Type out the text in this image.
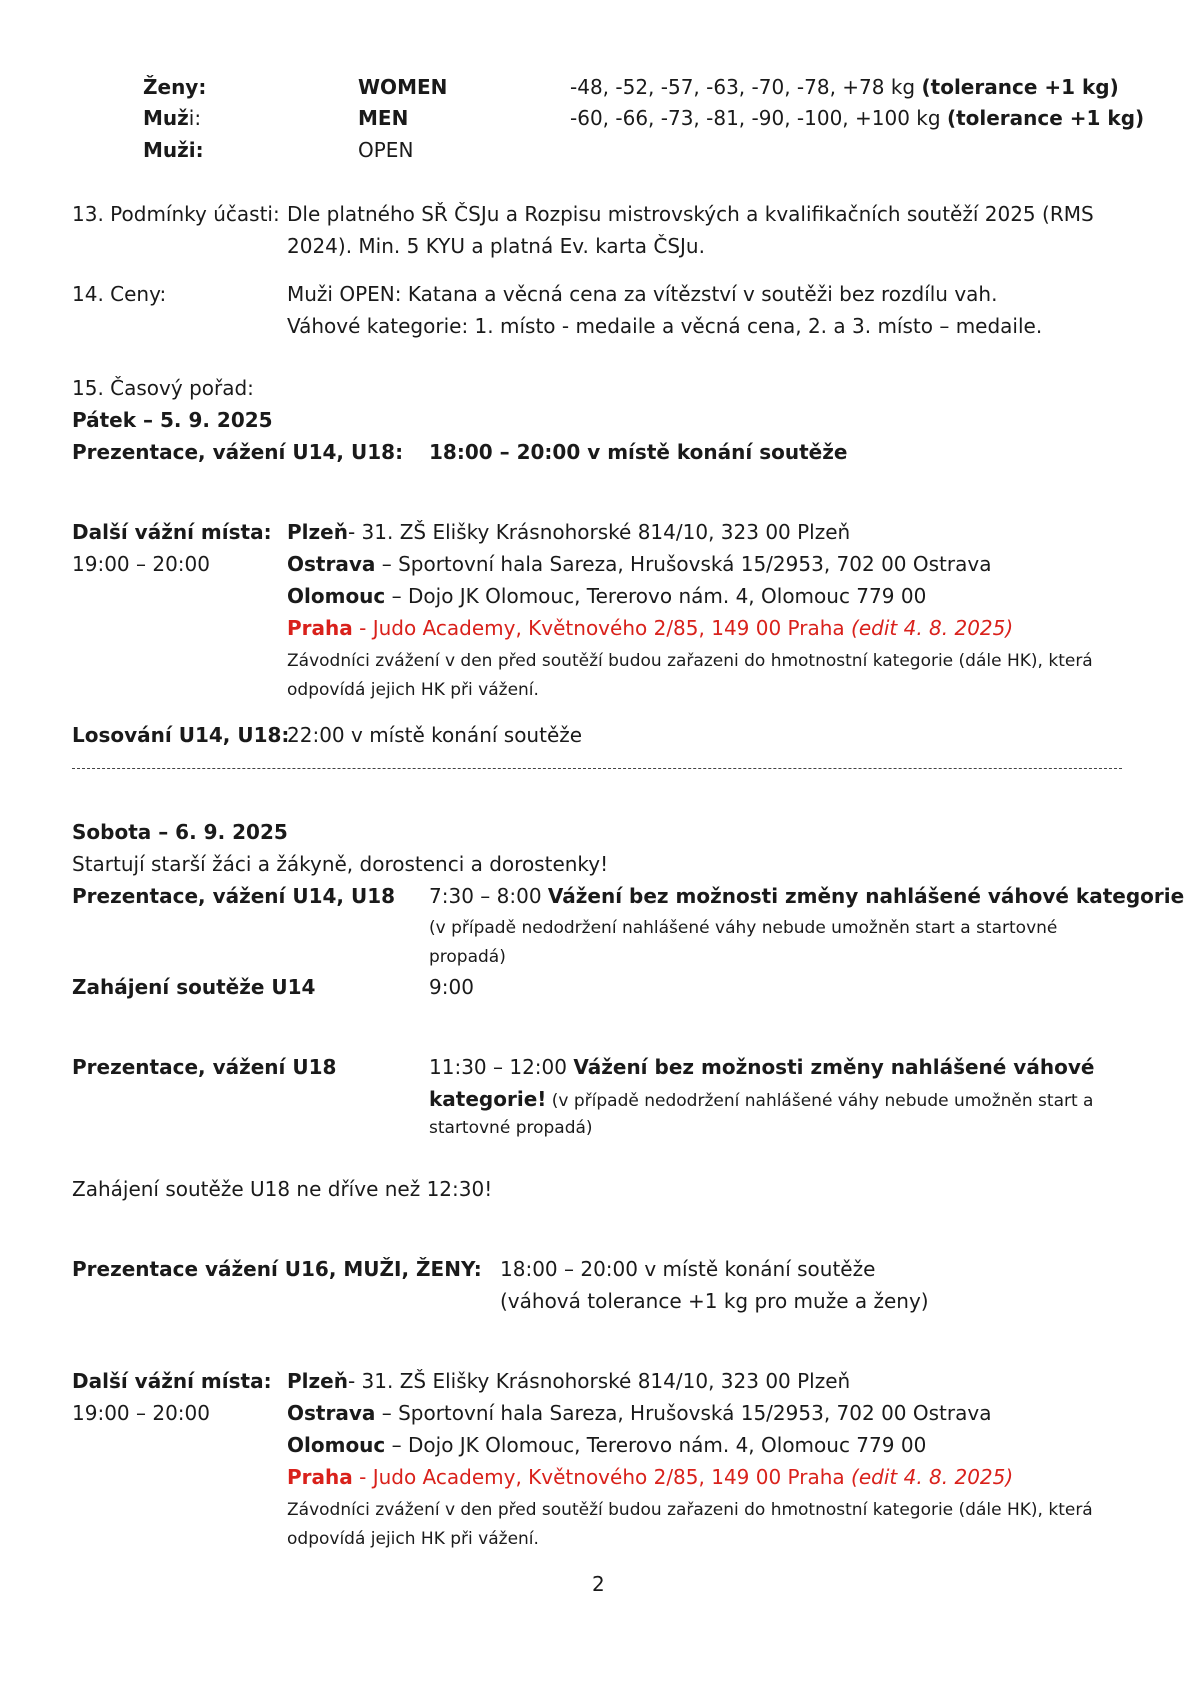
Ženy:	WOMEN	-48, -52, -57, -63, -70, -78, +78 kg (tolerance +1 kg)
Muži:	MEN	-60, -66, -73, -81, -90, -100, +100 kg (tolerance +1 kg)
Muži:	OPEN
13. Podmínky účasti: Dle platného SŘ ČSJu a Rozpisu mistrovských a kvalifikačních soutěží 2025 (RMS
2024). Min. 5 KYU a platná Ev. karta ČSJu.
14. Ceny:	Muži OPEN: Katana a věcná cena za vítězství v soutěži bez rozdílu vah.
Váhové kategorie: 1. místo - medaile a věcná cena, 2. a 3. místo – medaile.
15. Časový pořad:
Pátek – 5. 9. 2025
Prezentace, vážení U14, U18: 18:00 – 20:00 v místě konání soutěže
Další vážní místa:
19:00 – 20:00
Plzeň- 31. ZŠ Elišky Krásnohorské 814/10, 323 00 Plzeň
Ostrava – Sportovní hala Sareza, Hrušovská 15/2953, 702 00 Ostrava
Olomouc – Dojo JK Olomouc, Tererovo nám. 4, Olomouc 779 00
Praha - Judo Academy, Květnového 2/85, 149 00 Praha (edit 4. 8. 2025)
Závodníci zvážení v den před soutěží budou zařazeni do hmotnostní kategorie (dále HK), která
odpovídá jejich HK při vážení.
Losování U14, U18:
22:00 v místě konání soutěže
Sobota – 6. 9. 2025
Startují starší žáci a žákyně, dorostenci a dorostenky!
Prezentace, vážení U14, U18 7:30 – 8:00 Vážení bez možnosti změny nahlášené váhové kategorie
(v případě nedodržení nahlášené váhy nebude umožněn start a startovné
propadá)
Zahájení soutěže U14	9:00
Prezentace, vážení U18	11:30 – 12:00 Vážení bez možnosti změny nahlášené váhové
kategorie! (v případě nedodržení nahlášené váhy nebude umožněn start a
startovné propadá)
Zahájení soutěže U18 ne dříve než 12:30!
Prezentace vážení U16, MUŽI, ŽENY: 18:00 – 20:00 v místě konání soutěže
(váhová tolerance +1 kg pro muže a ženy)
Další vážní místa:
19:00 – 20:00
Plzeň- 31. ZŠ Elišky Krásnohorské 814/10, 323 00 Plzeň
Ostrava – Sportovní hala Sareza, Hrušovská 15/2953, 702 00 Ostrava
Olomouc – Dojo JK Olomouc, Tererovo nám. 4, Olomouc 779 00
Praha - Judo Academy, Květnového 2/85, 149 00 Praha (edit 4. 8. 2025)
Závodníci zvážení v den před soutěží budou zařazeni do hmotnostní kategorie (dále HK), která
odpovídá jejich HK při vážení.
2
